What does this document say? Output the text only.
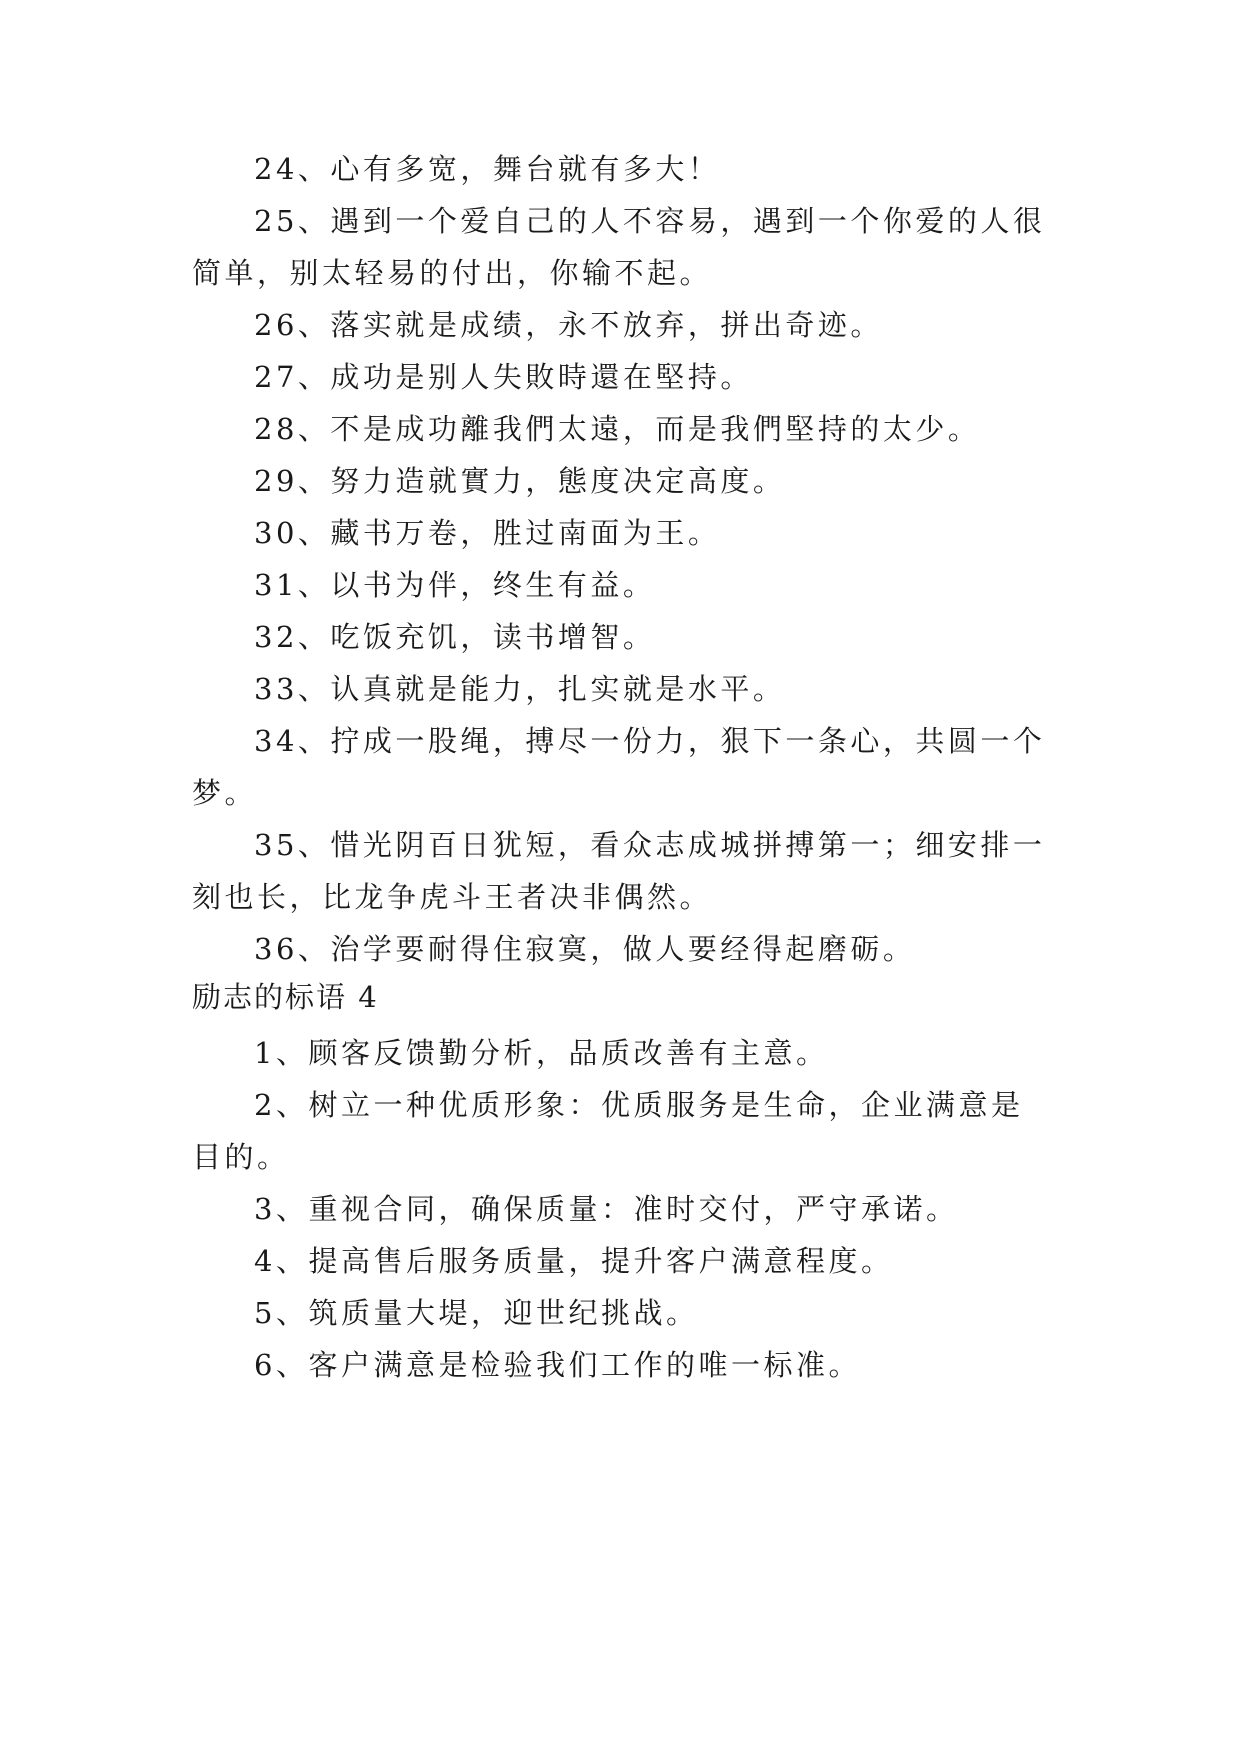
24、心有多宽，舞台就有多大！
25、遇到一个爱自己的人不容易，遇到一个你爱的人很
简单，别太轻易的付出，你输不起。
26、落实就是成绩，永不放弃，拼出奇迹。
27、成功是别人失敗時還在堅持。
28、不是成功離我們太遠，而是我們堅持的太少。
29、努力造就實力，態度决定高度。
30、藏书万卷，胜过南面为王。
31、以书为伴，终生有益。
32、吃饭充饥，读书增智。
33、认真就是能力，扎实就是水平。
34、拧成一股绳，搏尽一份力，狠下一条心，共圆一个
梦。
35、惜光阴百日犹短，看众志成城拼搏第一；细安排一
刻也长，比龙争虎斗王者决非偶然。
36、治学要耐得住寂寞，做人要经得起磨砺。
励志的标语 4
1、顾客反馈勤分析，品质改善有主意。
2、树立一种优质形象：优质服务是生命，企业满意是
目的。
3、重视合同，确保质量：准时交付，严守承诺。
4、提高售后服务质量，提升客户满意程度。
5、筑质量大堤，迎世纪挑战。
6、客户满意是检验我们工作的唯一标准。
